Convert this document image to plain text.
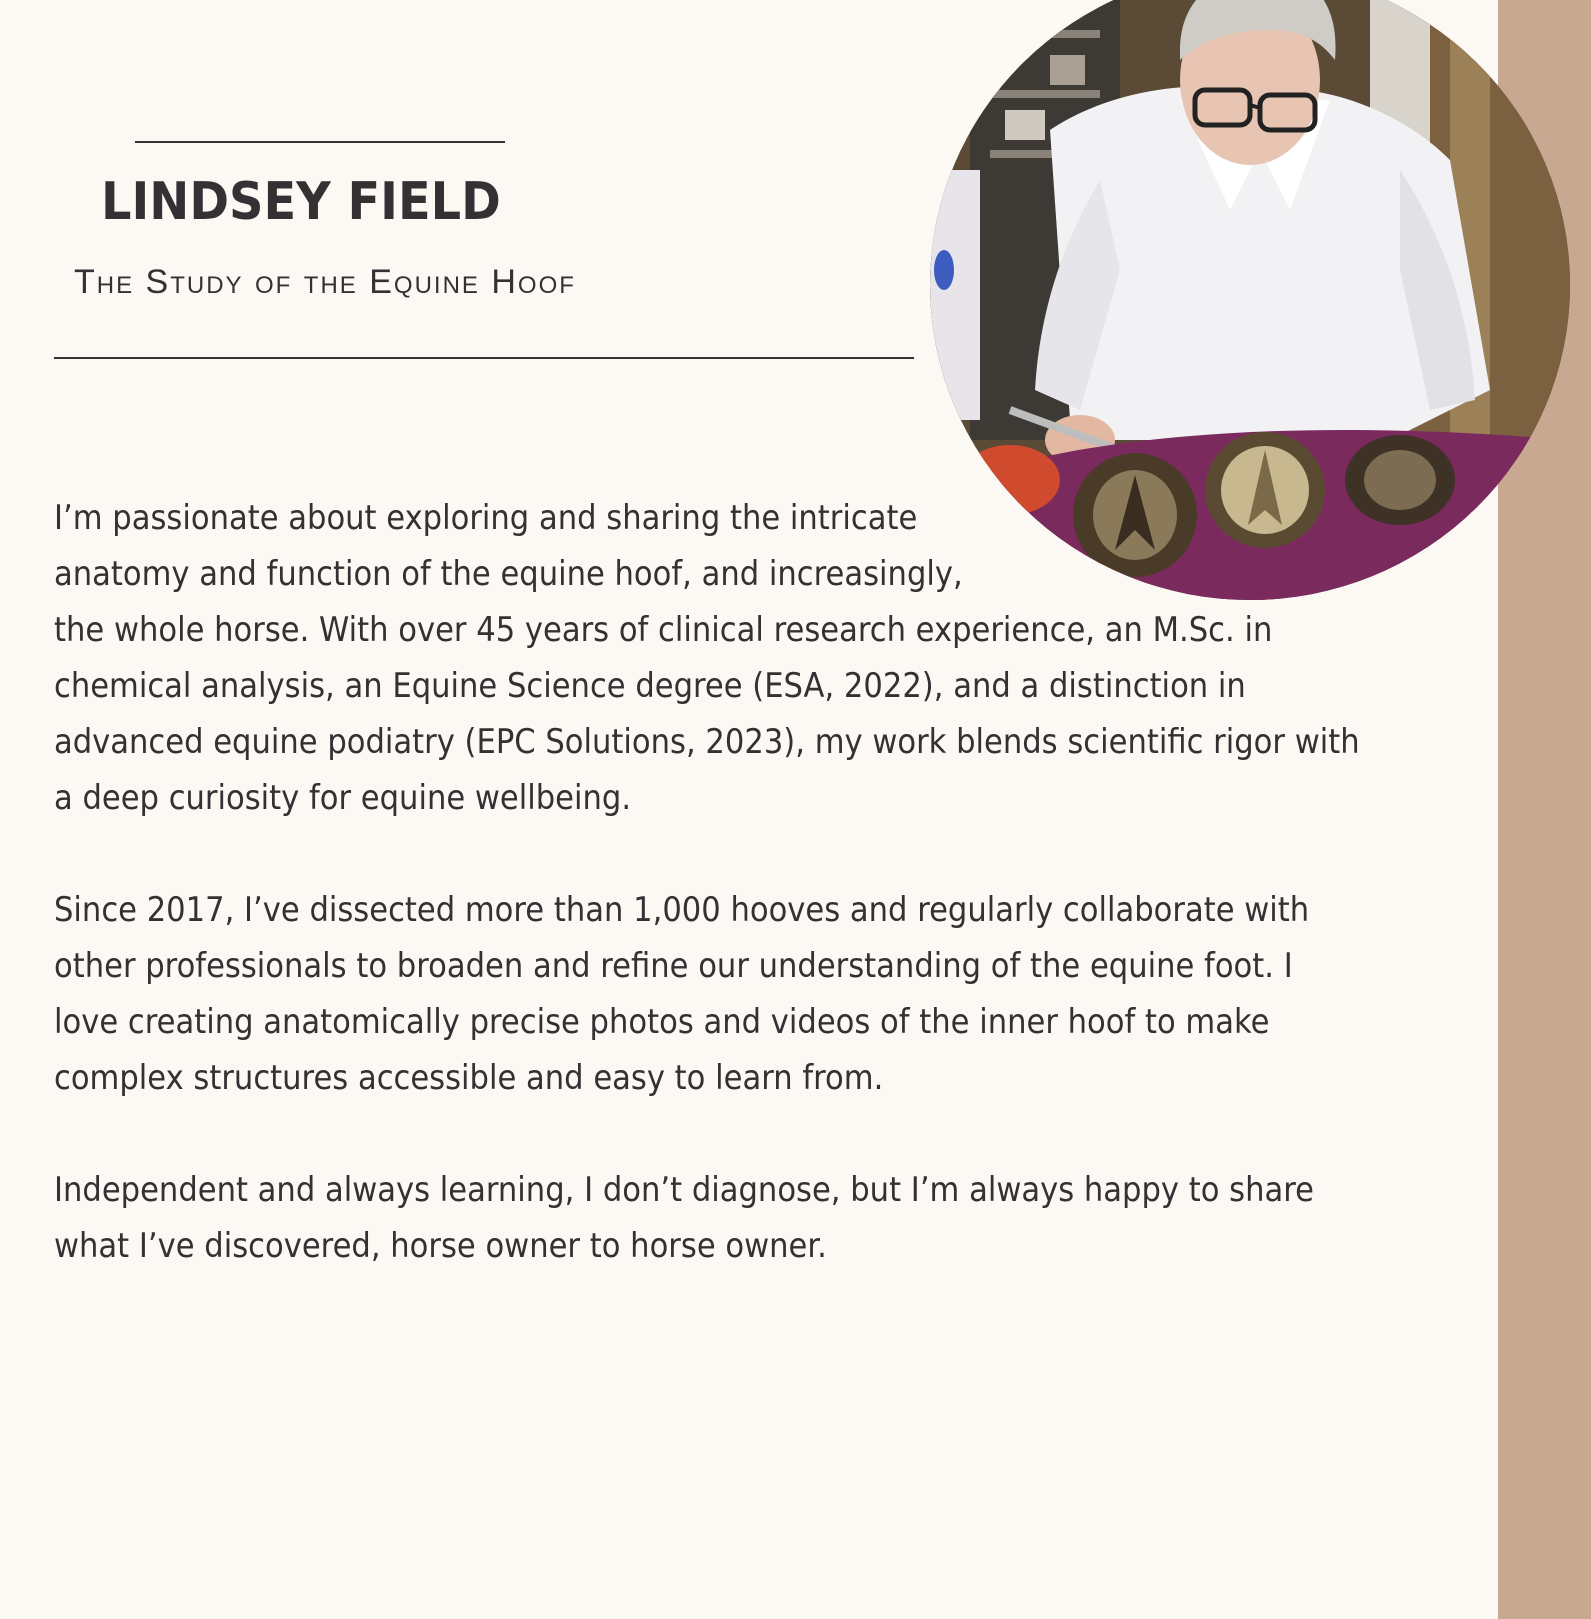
LINDSEY FIELD
The Study of the Equine Hoof

I’m passionate about exploring and sharing the intricate
anatomy and function of the equine hoof, and increasingly,
the whole horse. With over 45 years of clinical research experience, an M.Sc. in
chemical analysis, an Equine Science degree (ESA, 2022), and a distinction in
advanced equine podiatry (EPC Solutions, 2023), my work blends scientific rigor with
a deep curiosity for equine wellbeing.

Since 2017, I’ve dissected more than 1,000 hooves and regularly collaborate with
other professionals to broaden and refine our understanding of the equine foot. I
love creating anatomically precise photos and videos of the inner hoof to make
complex structures accessible and easy to learn from.

Independent and always learning, I don’t diagnose, but I’m always happy to share
what I’ve discovered, horse owner to horse owner.
